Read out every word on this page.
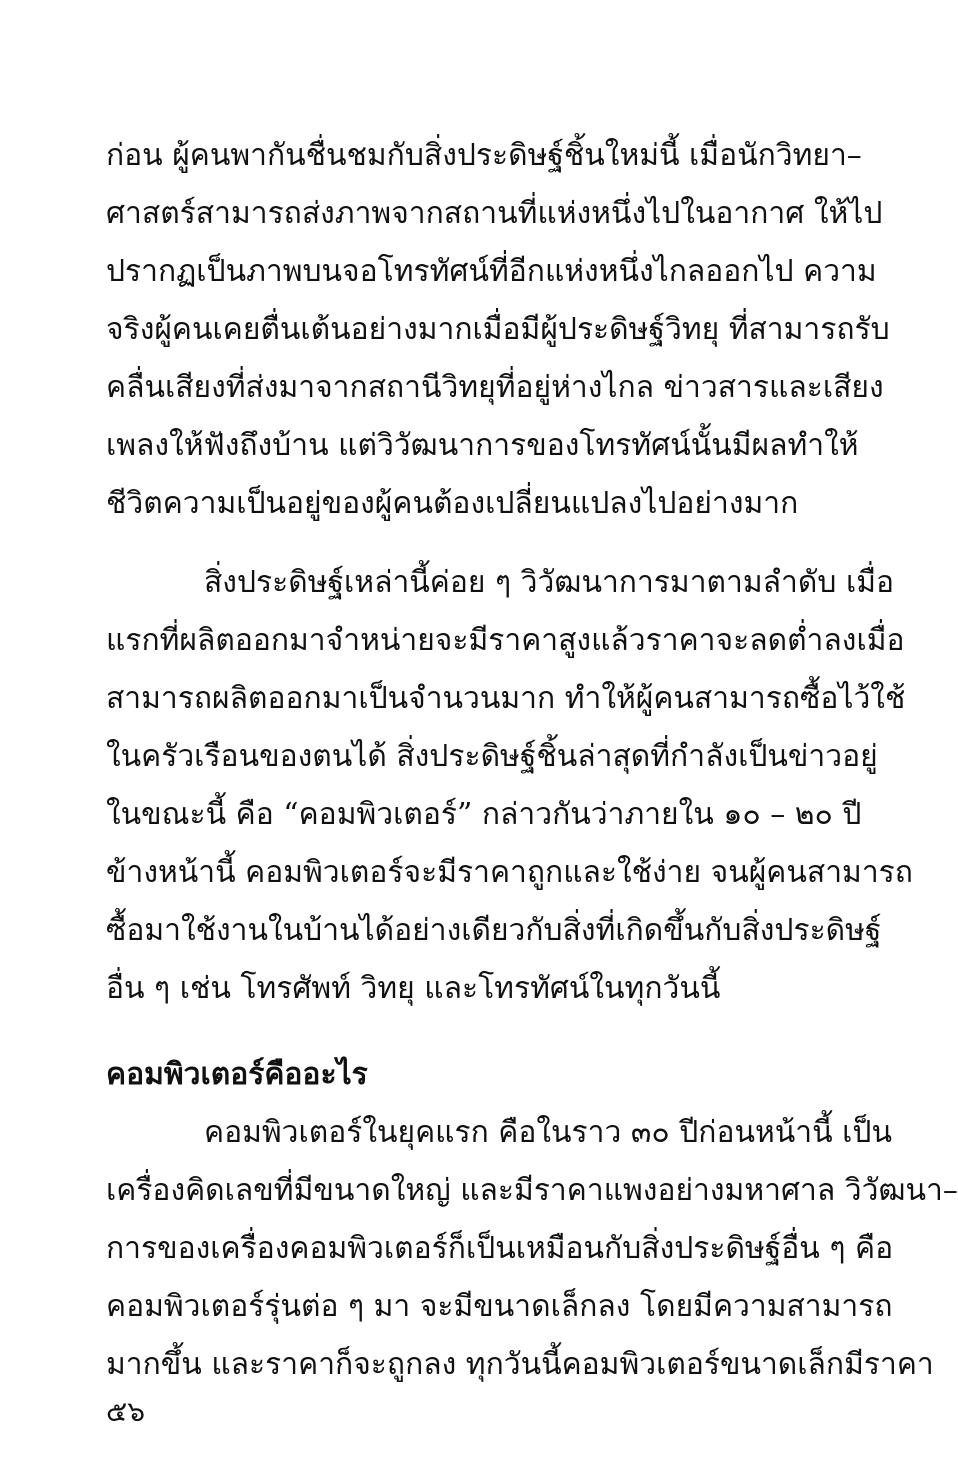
ก่อน ผู้คนพากันชื่นชมกับสิ่งประดิษฐ์ชิ้นใหม่นี้ เมื่อนักวิทยา–
ศาสตร์สามารถส่งภาพจากสถานที่แห่งหนึ่งไปในอากาศ ให้ไป
ปรากฏเป็นภาพบนจอโทรทัศน์ที่อีกแห่งหนึ่งไกลออกไป ความ
จริงผู้คนเคยตื่นเต้นอย่างมากเมื่อมีผู้ประดิษฐ์วิทยุ ที่สามารถรับ
คลื่นเสียงที่ส่งมาจากสถานีวิทยุที่อยู่ห่างไกล ข่าวสารและเสียง
เพลงให้ฟังถึงบ้าน แต่วิวัฒนาการของโทรทัศน์นั้นมีผลทำให้
ชีวิตความเป็นอยู่ของผู้คนต้องเปลี่ยนแปลงไปอย่างมาก
สิ่งประดิษฐ์เหล่านี้ค่อย ๆ วิวัฒนาการมาตามลำดับ เมื่อ
แรกที่ผลิตออกมาจำหน่ายจะมีราคาสูงแล้วราคาจะลดต่ำลงเมื่อ
สามารถผลิตออกมาเป็นจำนวนมาก ทำให้ผู้คนสามารถซื้อไว้ใช้
ในครัวเรือนของตนได้ สิ่งประดิษฐ์ชิ้นล่าสุดที่กำลังเป็นข่าวอยู่
ในขณะนี้ คือ “คอมพิวเตอร์” กล่าวกันว่าภายใน ๑๐ – ๒๐ ปี
ข้างหน้านี้ คอมพิวเตอร์จะมีราคาถูกและใช้ง่าย จนผู้คนสามารถ
ซื้อมาใช้งานในบ้านได้อย่างเดียวกับสิ่งที่เกิดขึ้นกับสิ่งประดิษฐ์
อื่น ๆ เช่น โทรศัพท์ วิทยุ และโทรทัศน์ในทุกวันนี้
คอมพิวเตอร์คืออะไร
คอมพิวเตอร์ในยุคแรก คือในราว ๓๐ ปีก่อนหน้านี้ เป็น
เครื่องคิดเลขที่มีขนาดใหญ่ และมีราคาแพงอย่างมหาศาล วิวัฒนา–
การของเครื่องคอมพิวเตอร์ก็เป็นเหมือนกับสิ่งประดิษฐ์อื่น ๆ คือ
คอมพิวเตอร์รุ่นต่อ ๆ มา จะมีขนาดเล็กลง โดยมีความสามารถ
มากขึ้น และราคาก็จะถูกลง ทุกวันนี้คอมพิวเตอร์ขนาดเล็กมีราคา
๕๖
